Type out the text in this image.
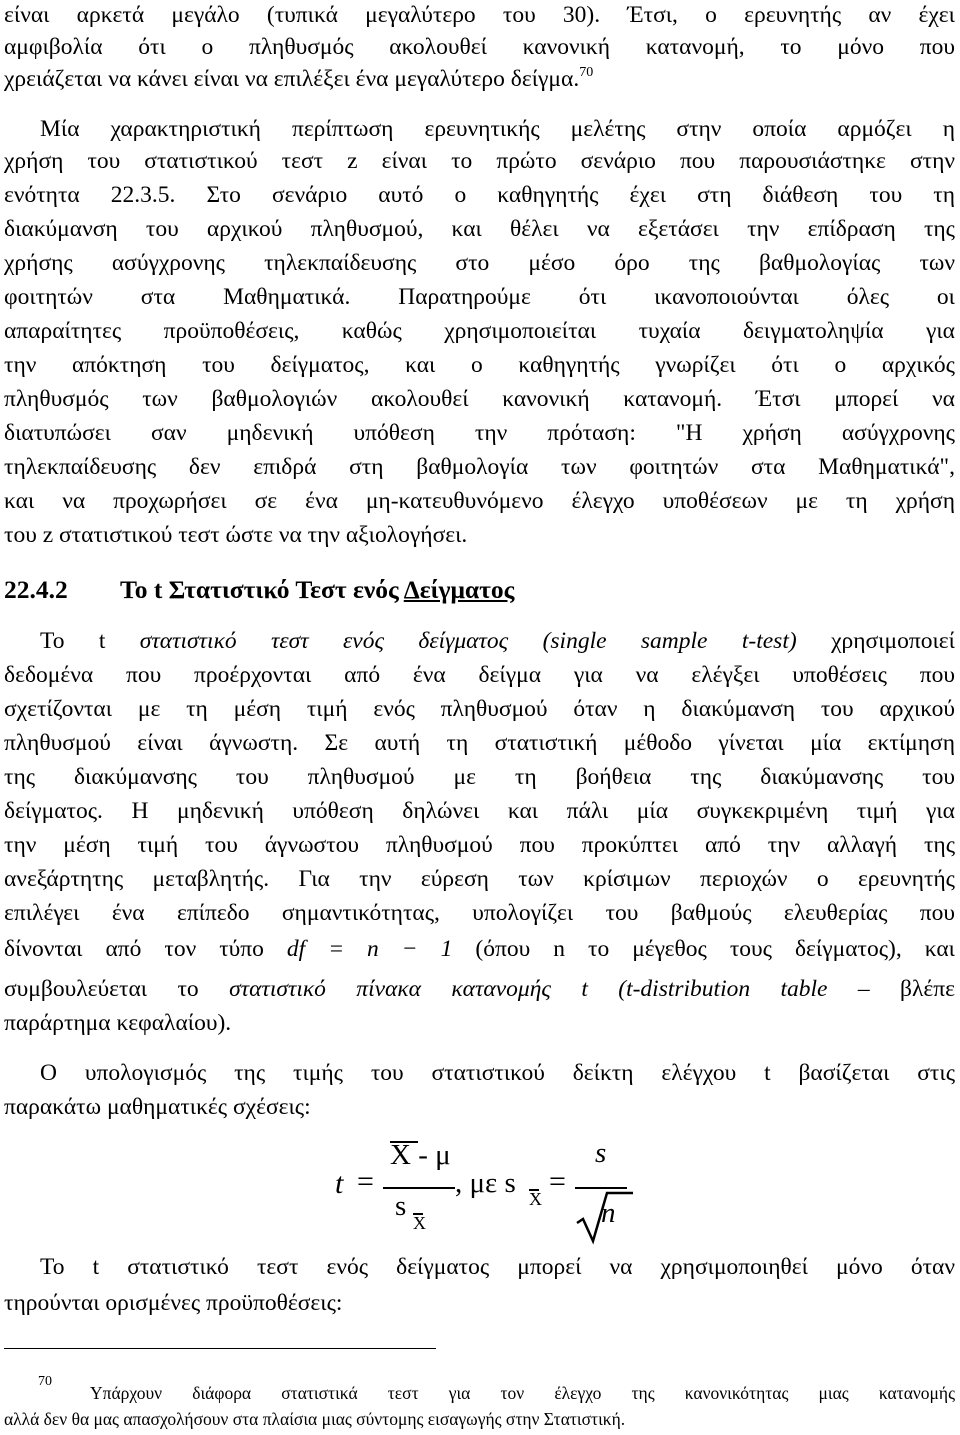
είναι αρκετά μεγάλο (τυπικά μεγαλύτερο του 30). Έτσι, ο ερευνητής αν έχει
αμφιβολία ότι ο πληθυσμός ακολουθεί κανονική κατανομή, το μόνο που
χρειάζεται να κάνει είναι να επιλέξει ένα μεγαλύτερο δείγμα.$^{70}$
Μία χαρακτηριστική περίπτωση ερευνητικής μελέτης στην οποία αρμόζει η
χρήση του στατιστικού τεστ z είναι το πρώτο σενάριο που παρουσιάστηκε στην
ενότητα 22.3.5. Στο σενάριο αυτό ο καθηγητής έχει στη διάθεση του τη
διακύμανση του αρχικού πληθυσμού, και θέλει να εξετάσει την επίδραση της
χρήσης ασύγχρονης τηλεκπαίδευσης στο μέσο όρο της βαθμολογίας των
φοιτητών στα Μαθηματικά. Παρατηρούμε ότι ικανοποιούνται όλες οι
απαραίτητες προϋποθέσεις, καθώς χρησιμοποιείται τυχαία δειγματοληψία για
την απόκτηση του δείγματος, και ο καθηγητής γνωρίζει ότι ο αρχικός
πληθυσμός των βαθμολογιών ακολουθεί κανονική κατανομή. Έτσι μπορεί να
διατυπώσει σαν μηδενική υπόθεση την πρόταση: "Η χρήση ασύγχρονης
τηλεκπαίδευσης δεν επιδρά στη βαθμολογία των φοιτητών στα Μαθηματικά",
και να προχωρήσει σε ένα μη-κατευθυνόμενο έλεγχο υποθέσεων με τη χρήση
του z στατιστικού τεστ ώστε να την αξιολογήσει.
22.4.2 Το t Στατιστικό Τεστ ενός Δείγματος
Το t στατιστικό τεστ ενός δείγματος (single sample t-test) χρησιμοποιεί
δεδομένα που προέρχονται από ένα δείγμα για να ελέγξει υποθέσεις που
σχετίζονται με τη μέση τιμή ενός πληθυσμού όταν η διακύμανση του αρχικού
πληθυσμού είναι άγνωστη. Σε αυτή τη στατιστική μέθοδο γίνεται μία εκτίμηση
της διακύμανσης του πληθυσμού με τη βοήθεια της διακύμανσης του
δείγματος. Η μηδενική υπόθεση δηλώνει και πάλι μία συγκεκριμένη τιμή για
την μέση τιμή του άγνωστου πληθυσμού που προκύπτει από την αλλαγή της
ανεξάρτητης μεταβλητής. Για την εύρεση των κρίσιμων περιοχών ο ερευνητής
επιλέγει ένα επίπεδο σημαντικότητας, υπολογίζει του βαθμούς ελευθερίας που
δίνονται από τον τύπο df = n − 1 (όπου n το μέγεθος τους δείγματος), και
συμβουλεύεται το στατιστικό πίνακα κατανομής t (t-distribution table – βλέπε
παράρτημα κεφαλαίου).
Ο υπολογισμός της τιμής του στατιστικού δείκτη ελέγχου t βασίζεται στις
παρακάτω μαθηματικές σχέσεις:
t =
X - μ
s
X
, με s X
=
s
n
Το t στατιστικό τεστ ενός δείγματος μπορεί να χρησιμοποιηθεί μόνο όταν
τηρούνται ορισμένες προϋποθέσεις:
70
Υπάρχουν διάφορα στατιστικά τεστ για τον έλεγχο της κανονικότητας μιας κατανομής
αλλά δεν θα μας απασχολήσουν στα πλαίσια μιας σύντομης εισαγωγής στην Στατιστική.
